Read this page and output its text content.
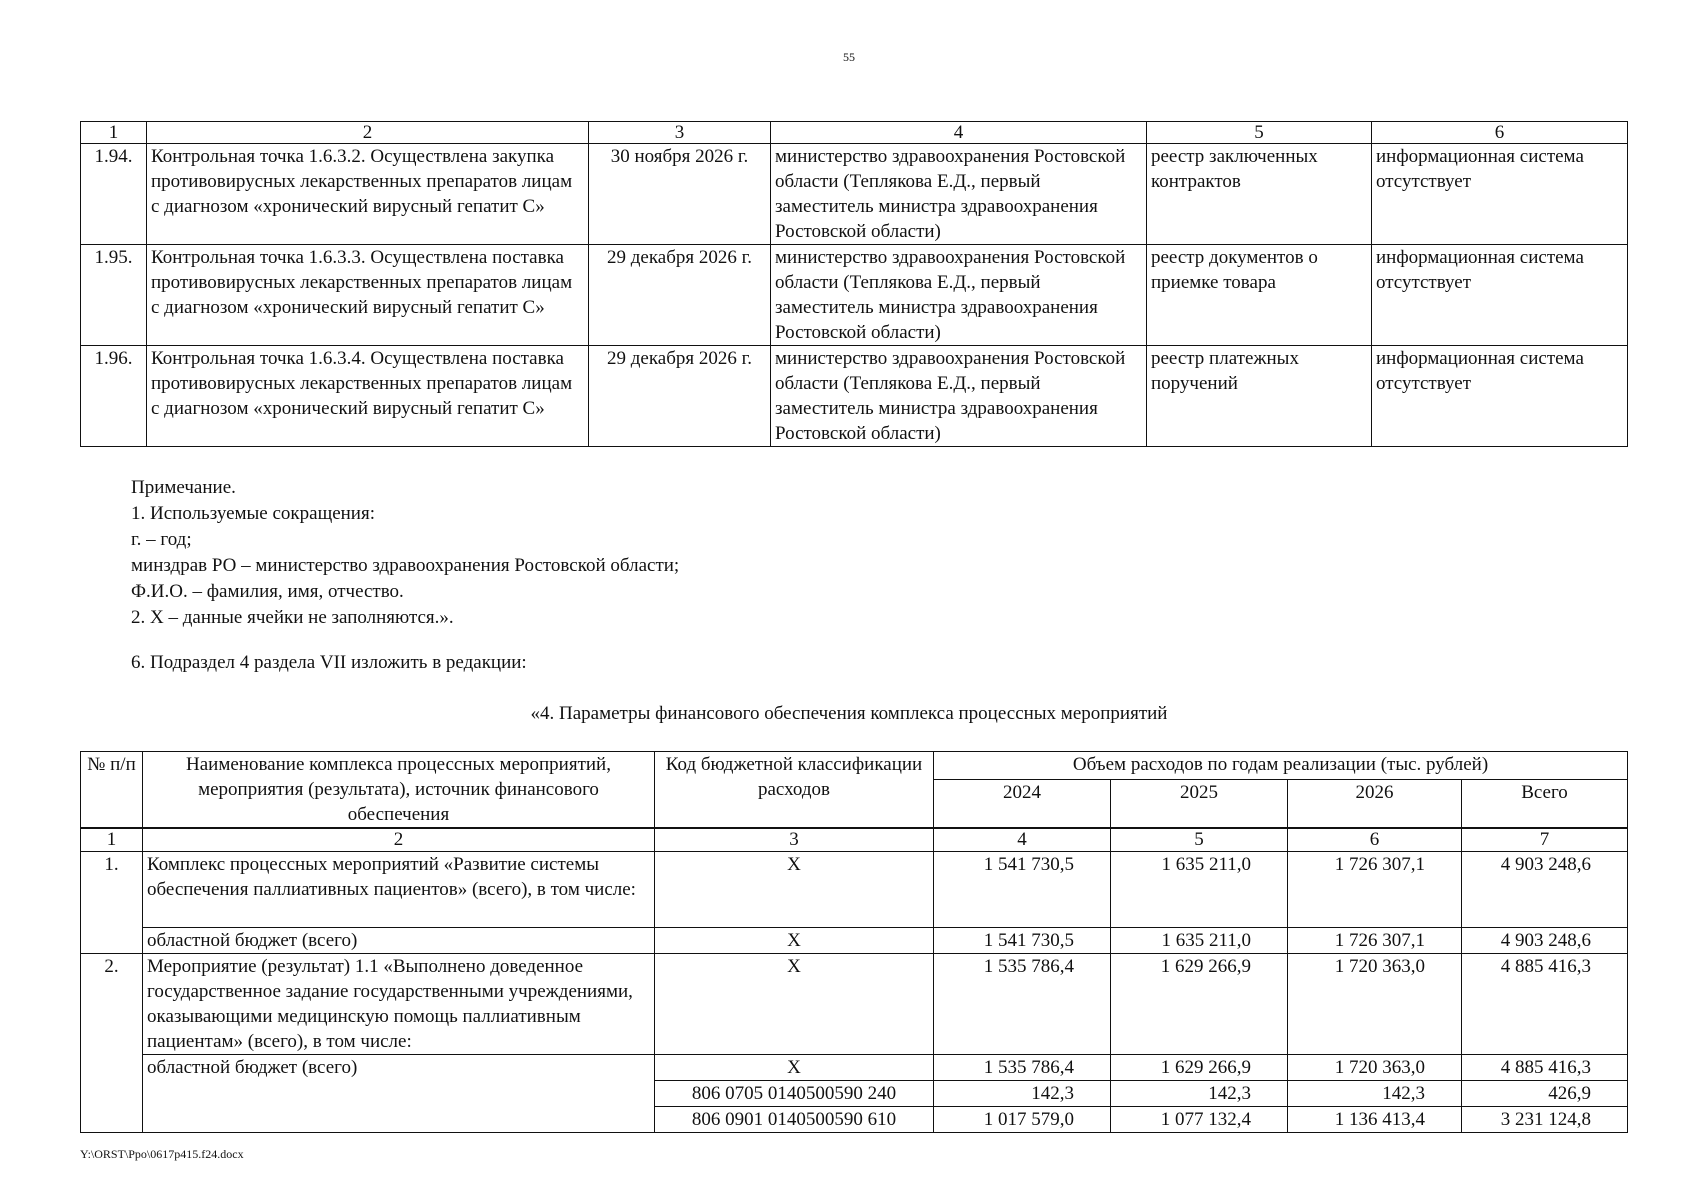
55
1	2	3	4	5	6
1.94.	Контрольная точка 1.6.3.2. Осуществлена закупка противовирусных лекарственных препаратов лицам с диагнозом «хронический вирусный гепатит С»	30 ноября 2026 г.	министерство здравоохранения Ростовской области (Теплякова Е.Д., первый заместитель министра здравоохранения Ростовской области)	реестр заключенных контрактов	информационная система отсутствует
1.95.	Контрольная точка 1.6.3.3. Осуществлена поставка противовирусных лекарственных препаратов лицам с диагнозом «хронический вирусный гепатит С»	29 декабря 2026 г.	министерство здравоохранения Ростовской области (Теплякова Е.Д., первый заместитель министра здравоохранения Ростовской области)	реестр документов о приемке товара	информационная система отсутствует
1.96.	Контрольная точка 1.6.3.4. Осуществлена поставка противовирусных лекарственных препаратов лицам с диагнозом «хронический вирусный гепатит С»	29 декабря 2026 г.	министерство здравоохранения Ростовской области (Теплякова Е.Д., первый заместитель министра здравоохранения Ростовской области)	реестр платежных поручений	информационная система отсутствует
Примечание.
1. Используемые сокращения:
г. – год;
минздрав РО – министерство здравоохранения Ростовской области;
Ф.И.О. – фамилия, имя, отчество.
2. X – данные ячейки не заполняются.».
6. Подраздел 4 раздела VII изложить в редакции:
«4. Параметры финансового обеспечения комплекса процессных мероприятий
№ п/п	Наименование комплекса процессных мероприятий, мероприятия (результата), источник финансового обеспечения	Код бюджетной классификации расходов	Объем расходов по годам реализации (тыс. рублей)			
			2024	2025	2026	Всего
1	2	3	4	5	6	7
1.	Комплекс процессных мероприятий «Развитие системы обеспечения паллиативных пациентов» (всего), в том числе:	X	1 541 730,5	1 635 211,0	1 726 307,1	4 903 248,6
	областной бюджет (всего)	X	1 541 730,5	1 635 211,0	1 726 307,1	4 903 248,6
2.	Мероприятие (результат) 1.1 «Выполнено доведенное государственное задание государственными учреждениями, оказывающими медицинскую помощь паллиативным пациентам» (всего), в том числе:	X	1 535 786,4	1 629 266,9	1 720 363,0	4 885 416,3
	областной бюджет (всего)	X	1 535 786,4	1 629 266,9	1 720 363,0	4 885 416,3
		806 0705 0140500590 240	142,3	142,3	142,3	426,9
		806 0901 0140500590 610	1 017 579,0	1 077 132,4	1 136 413,4	3 231 124,8
Y:\ORST\Ppo\0617p415.f24.docx
